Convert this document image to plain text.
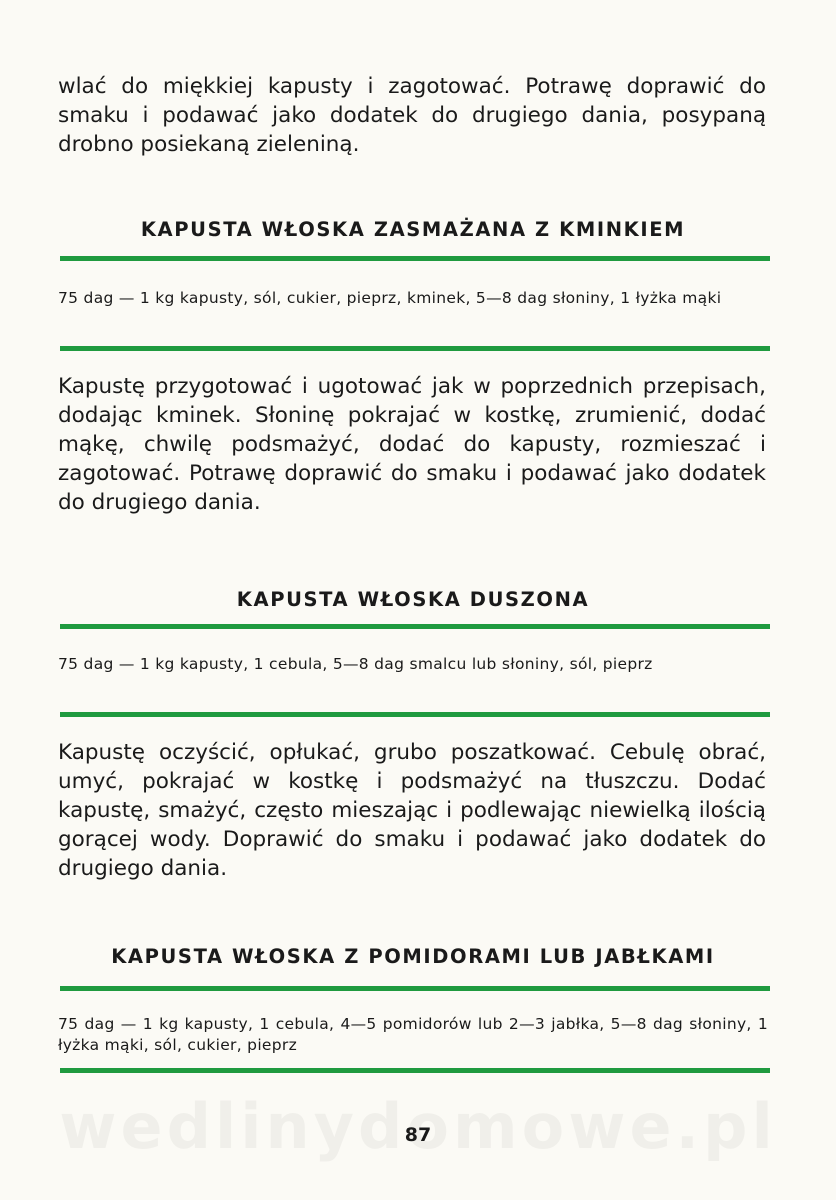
wlać do miękkiej kapusty i zagotować. Potrawę doprawić do smaku i podawać jako dodatek do drugiego dania, posypaną drobno posiekaną zieleniną.

KAPUSTA WŁOSKA ZASMAŻANA Z KMINKIEM

75 dag — 1 kg kapusty, sól, cukier, pieprz, kminek, 5—8 dag słoniny, 1 łyżka mąki

Kapustę przygotować i ugotować jak w poprzednich przepisach, dodając kminek. Słoninę pokrajać w kostkę, zrumienić, dodać mąkę, chwilę podsmażyć, dodać do kapusty, rozmieszać i zagotować. Potrawę doprawić do smaku i podawać jako dodatek do drugiego dania.

KAPUSTA WŁOSKA DUSZONA

75 dag — 1 kg kapusty, 1 cebula, 5—8 dag smalcu lub słoniny, sól, pieprz

Kapustę oczyścić, opłukać, grubo poszatkować. Cebulę obrać, umyć, pokrajać w kostkę i podsmażyć na tłuszczu. Dodać kapustę, smażyć, często mieszając i podlewając niewielką ilością gorącej wody. Doprawić do smaku i podawać jako dodatek do drugiego dania.

KAPUSTA WŁOSKA Z POMIDORAMI LUB JABŁKAMI

75 dag — 1 kg kapusty, 1 cebula, 4—5 pomidorów lub 2—3 jabłka, 5—8 dag słoniny, 1 łyżka mąki, sól, cukier, pieprz

87
